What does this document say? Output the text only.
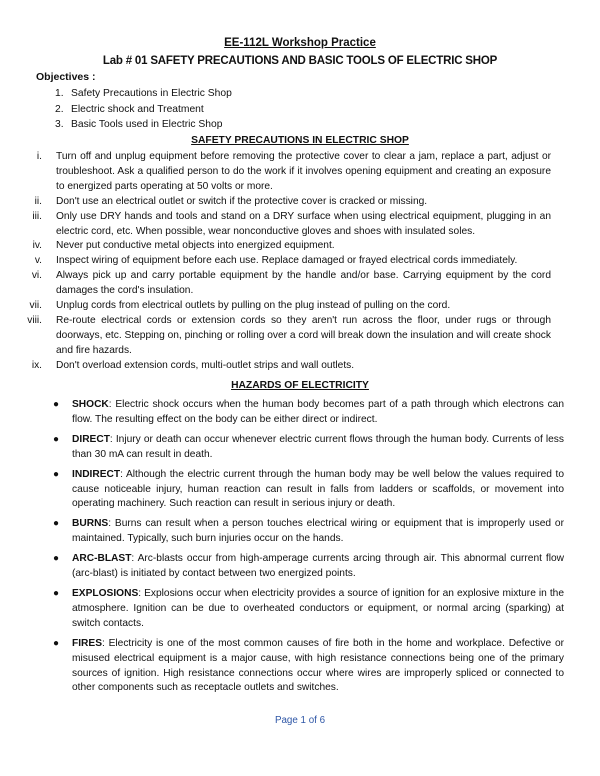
EE-112L Workshop Practice
Lab # 01 SAFETY PRECAUTIONS AND BASIC TOOLS OF ELECTRIC SHOP
Objectives :
1. Safety Precautions in Electric Shop
2. Electric shock and Treatment
3. Basic Tools used in Electric Shop
SAFETY PRECAUTIONS IN ELECTRIC SHOP
i.	Turn off and unplug equipment before removing the protective cover to clear a jam, replace a part, adjust or troubleshoot. Ask a qualified person to do the work if it involves opening equipment and creating an exposure to energized parts operating at 50 volts or more.
ii.	Don't use an electrical outlet or switch if the protective cover is cracked or missing.
iii.	Only use DRY hands and tools and stand on a DRY surface when using electrical equipment, plugging in an electric cord, etc. When possible, wear nonconductive gloves and shoes with insulated soles.
iv.	Never put conductive metal objects into energized equipment.
v.	Inspect wiring of equipment before each use. Replace damaged or frayed electrical cords immediately.
vi.	Always pick up and carry portable equipment by the handle and/or base. Carrying equipment by the cord damages the cord's insulation.
vii.	Unplug cords from electrical outlets by pulling on the plug instead of pulling on the cord.
viii.	Re-route electrical cords or extension cords so they aren't run across the floor, under rugs or through doorways, etc. Stepping on, pinching or rolling over a cord will break down the insulation and will create shock and fire hazards.
ix.	Don't overload extension cords, multi-outlet strips and wall outlets.
HAZARDS OF ELECTRICITY
●	SHOCK: Electric shock occurs when the human body becomes part of a path through which electrons can flow. The resulting effect on the body can be either direct or indirect.
●	DIRECT: Injury or death can occur whenever electric current flows through the human body. Currents of less than 30 mA can result in death.
●	INDIRECT: Although the electric current through the human body may be well below the values required to cause noticeable injury, human reaction can result in falls from ladders or scaffolds, or movement into operating machinery. Such reaction can result in serious injury or death.
●	BURNS: Burns can result when a person touches electrical wiring or equipment that is improperly used or maintained. Typically, such burn injuries occur on the hands.
●	ARC-BLAST: Arc-blasts occur from high-amperage currents arcing through air. This abnormal current flow (arc-blast) is initiated by contact between two energized points.
●	EXPLOSIONS: Explosions occur when electricity provides a source of ignition for an explosive mixture in the atmosphere. Ignition can be due to overheated conductors or equipment, or normal arcing (sparking) at switch contacts.
●	FIRES: Electricity is one of the most common causes of fire both in the home and workplace. Defective or misused electrical equipment is a major cause, with high resistance connections being one of the primary sources of ignition. High resistance connections occur where wires are improperly spliced or connected to other components such as receptacle outlets and switches.
Page 1 of 6
